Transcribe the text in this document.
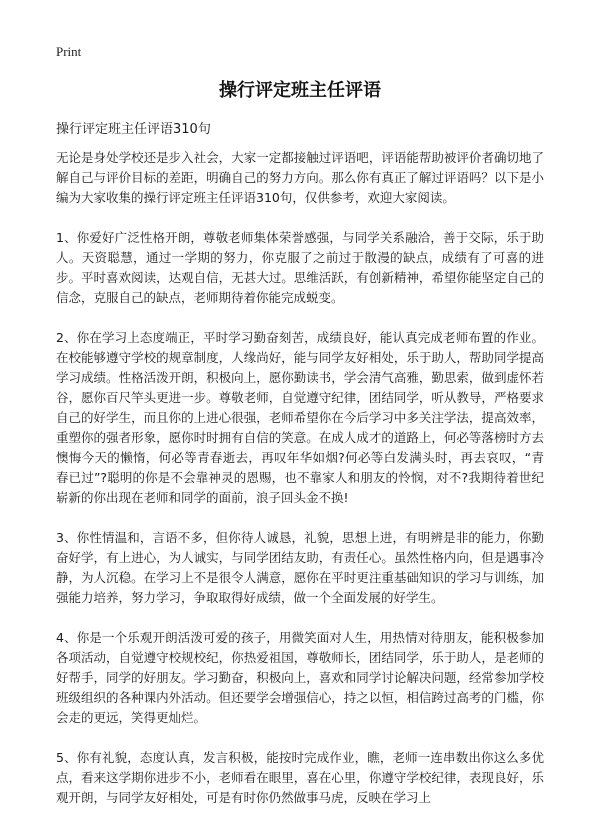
Print
操行评定班主任评语

操行评定班主任评语310句

无论是身处学校还是步入社会，大家一定都接触过评语吧，评语能帮助被评价者确切地了解自己与评价目标的差距，明确自己的努力方向。那么你有真正了解过评语吗？以下是小编为大家收集的操行评定班主任评语310句，仅供参考，欢迎大家阅读。

1、你爱好广泛性格开朗，尊敬老师集体荣誉感强，与同学关系融洽，善于交际，乐于助人。天资聪慧，通过一学期的努力，你克服了之前过于散漫的缺点，成绩有了可喜的进步。平时喜欢阅读，达观自信，无甚大过。思维活跃，有创新精神，希望你能坚定自己的信念，克服自己的缺点，老师期待着你能完成蜕变。

2、你在学习上态度端正，平时学习勤奋刻苦，成绩良好，能认真完成老师布置的作业。在校能够遵守学校的规章制度，人缘尚好，能与同学友好相处，乐于助人，帮助同学提高学习成绩。性格活泼开朗，积极向上，愿你勤读书，学会清气高雅，勤思索，做到虚怀若谷，愿你百尺竿头更进一步。尊敬老师，自觉遵守纪律，团结同学，听从教导，严格要求自己的好学生，而且你的上进心很强，老师希望你在今后学习中多关注学法，提高效率，重塑你的强者形象，愿你时时拥有自信的笑意。在成人成才的道路上，何必等落榜时方去懊悔今天的懒惰，何必等青春逝去，再叹年华如烟?何必等白发满头时，再去哀叹，“青春已过”?聪明的你是不会靠神灵的恩赐，也不靠家人和朋友的怜悯，对不?我期待着世纪崭新的你出现在老师和同学的面前，浪子回头金不换!

3、你性情温和，言语不多，但你待人诚恳，礼貌，思想上进，有明辨是非的能力，你勤奋好学，有上进心，为人诚实，与同学团结友助，有责任心。虽然性格内向，但是遇事冷静，为人沉稳。在学习上不是很令人满意，愿你在平时更注重基础知识的学习与训练，加强能力培养，努力学习，争取取得好成绩，做一个全面发展的好学生。

4、你是一个乐观开朗活泼可爱的孩子，用微笑面对人生，用热情对待朋友，能积极参加各项活动，自觉遵守校规校纪，你热爱祖国，尊敬师长，团结同学，乐于助人，是老师的好帮手，同学的好朋友。学习勤奋，积极向上，喜欢和同学讨论解决问题，经常参加学校班级组织的各种课内外活动。但还要学会增强信心，持之以恒，相信跨过高考的门槛，你会走的更远，笑得更灿烂。

5、你有礼貌，态度认真，发言积极，能按时完成作业，瞧，老师一连串数出你这么多优点，看来这学期你进步不小，老师看在眼里，喜在心里，你遵守学校纪律，表现良好，乐观开朗，与同学友好相处，可是有时你仍然做事马虎，反映在学习上
